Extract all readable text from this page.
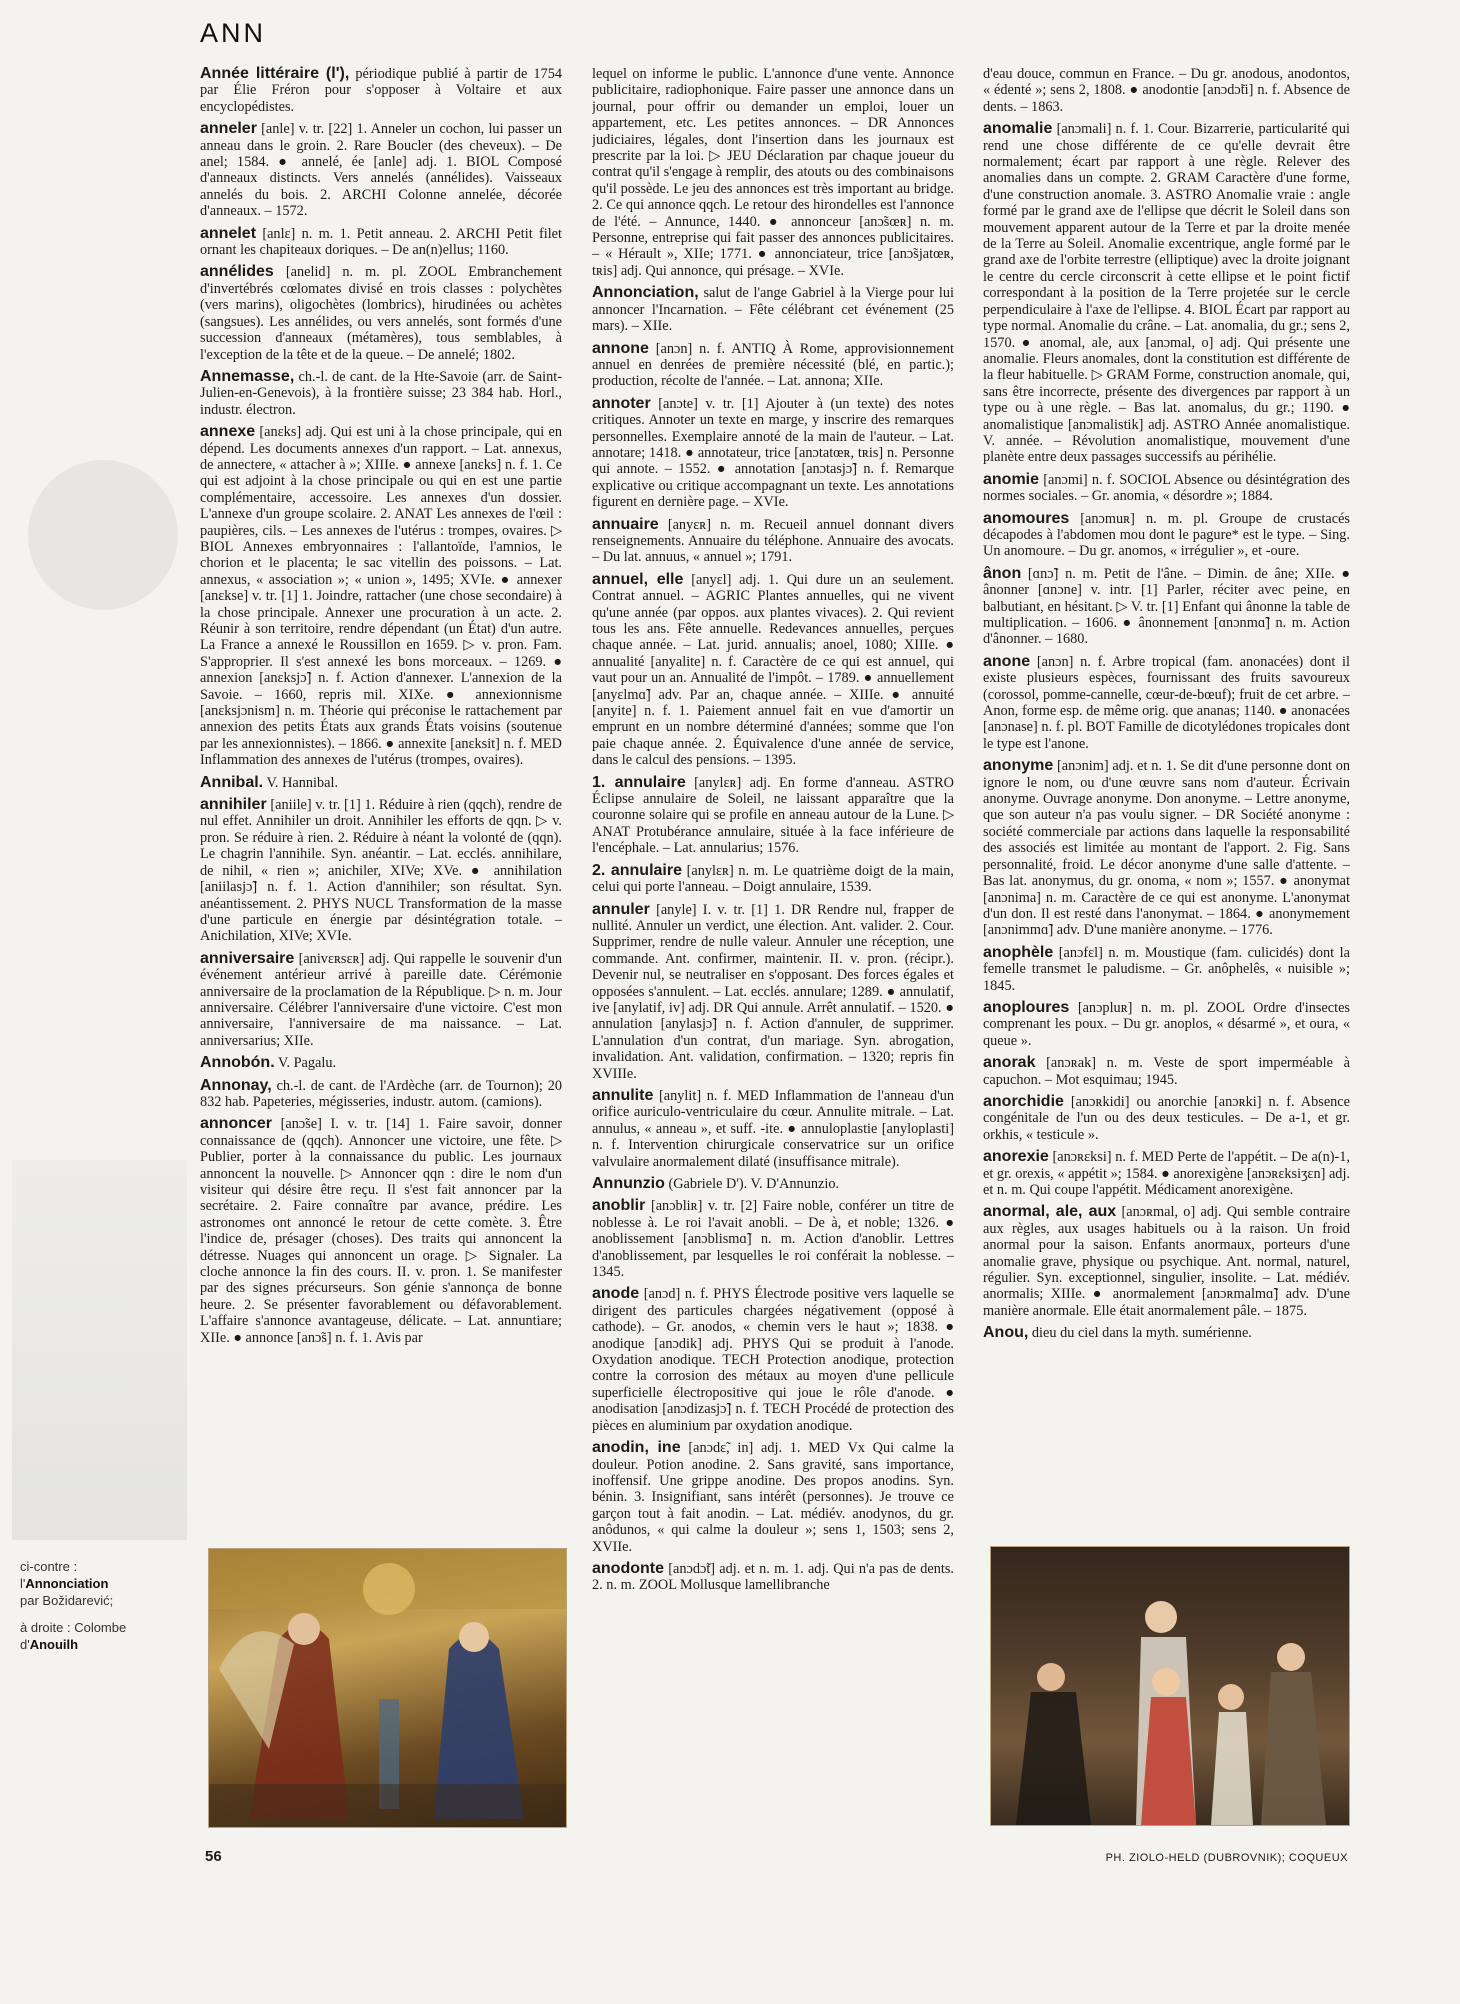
ANN

Année littéraire (l'), périodique publié à partir de 1754 par Élie Fréron pour s'opposer à Voltaire et aux encyclopédistes.

anneler [anle] v. tr. [22] 1. Anneler un cochon, lui passer un anneau dans le groin. 2. Rare Boucler (des cheveux). – De anel; 1584. ● annelé, ée [anle] adj. 1. BIOL Composé d'anneaux distincts. Vers annelés (annélides). Vaisseaux annelés du bois. 2. ARCHI Colonne annelée, décorée d'anneaux. – 1572.

annelet [anlɛ] n. m. 1. Petit anneau. 2. ARCHI Petit filet ornant les chapiteaux doriques. – De an(n)ellus; 1160.

annélides [anelid] n. m. pl. ZOOL Embranchement d'invertébrés cœlomates divisé en trois classes : polychètes (vers marins), oligochètes (lombrics), hirudinées ou achètes (sangsues). Les annélides, ou vers annelés, sont formés d'une succession d'anneaux (métamères), tous semblables, à l'exception de la tête et de la queue. – De annelé; 1802.

Annemasse, ch.-l. de cant. de la Hte-Savoie (arr. de Saint-Julien-en-Genevois), à la frontière suisse; 23 384 hab. Horl., industr. électron.

annexe [anɛks] adj. Qui est uni à la chose principale, qui en dépend. Les documents annexes d'un rapport. – Lat. annexus, de annectere, « attacher à »; XIIIe. ● annexe [anɛks] n. f. 1. Ce qui est adjoint à la chose principale ou qui en est une partie complémentaire, accessoire. Les annexes d'un dossier. L'annexe d'un groupe scolaire. 2. ANAT Les annexes de l'œil : paupières, cils. – Les annexes de l'utérus : trompes, ovaires. ▷ BIOL Annexes embryonnaires : l'allantoïde, l'amnios, le chorion et le placenta; le sac vitellin des poissons. – Lat. annexus, « association »; « union », 1495; XVIe. ● annexer [anɛkse] v. tr. [1] 1. Joindre, rattacher (une chose secondaire) à la chose principale. Annexer une procuration à un acte. 2. Réunir à son territoire, rendre dépendant (un État) d'un autre. La France a annexé le Roussillon en 1659. ▷ v. pron. Fam. S'approprier. Il s'est annexé les bons morceaux. – 1269. ● annexion [anɛksjɔ̃] n. f. Action d'annexer. L'annexion de la Savoie. – 1660, repris mil. XIXe. ● annexionnisme [anɛksjɔnism] n. m. Théorie qui préconise le rattachement par annexion des petits États aux grands États voisins (soutenue par les annexionnistes). – 1866. ● annexite [anɛksit] n. f. MED Inflammation des annexes de l'utérus (trompes, ovaires).

Annibal. V. Hannibal.

annihiler [aniile] v. tr. [1] 1. Réduire à rien (qqch), rendre de nul effet. Annihiler un droit. Annihiler les efforts de qqn. ▷ v. pron. Se réduire à rien. 2. Réduire à néant la volonté de (qqn). Le chagrin l'annihile. Syn. anéantir. – Lat. ecclés. annihilare, de nihil, « rien »; anichiler, XIVe; XVe. ● annihilation [aniilasjɔ̃] n. f. 1. Action d'annihiler; son résultat. Syn. anéantissement. 2. PHYS NUCL Transformation de la masse d'une particule en énergie par désintégration totale. – Anichilation, XIVe; XVIe.

anniversaire [anivɛʀsɛʀ] adj. Qui rappelle le souvenir d'un événement antérieur arrivé à pareille date. Cérémonie anniversaire de la proclamation de la République. ▷ n. m. Jour anniversaire. Célébrer l'anniversaire d'une victoire. C'est mon anniversaire, l'anniversaire de ma naissance. – Lat. anniversarius; XIIe.

Annobón. V. Pagalu.

Annonay, ch.-l. de cant. de l'Ardèche (arr. de Tournon); 20 832 hab. Papeteries, mégisseries, industr. autom. (camions).

annoncer [anɔ̃se] I. v. tr. [14] 1. Faire savoir, donner connaissance de (qqch). Annoncer une victoire, une fête. ▷ Publier, porter à la connaissance du public. Les journaux annoncent la nouvelle. ▷ Annoncer qqn : dire le nom d'un visiteur qui désire être reçu. Il s'est fait annoncer par la secrétaire. 2. Faire connaître par avance, prédire. Les astronomes ont annoncé le retour de cette comète. 3. Être l'indice de, présager (choses). Des traits qui annoncent la détresse. Nuages qui annoncent un orage. ▷ Signaler. La cloche annonce la fin des cours. II. v. pron. 1. Se manifester par des signes précurseurs. Son génie s'annonça de bonne heure. 2. Se présenter favorablement ou défavorablement. L'affaire s'annonce avantageuse, délicate. – Lat. annuntiare; XIIe. ● annonce [anɔ̃s] n. f. 1. Avis par

lequel on informe le public. L'annonce d'une vente. Annonce publicitaire, radiophonique. Faire passer une annonce dans un journal, pour offrir ou demander un emploi, louer un appartement, etc. Les petites annonces. – DR Annonces judiciaires, légales, dont l'insertion dans les journaux est prescrite par la loi. ▷ JEU Déclaration par chaque joueur du contrat qu'il s'engage à remplir, des atouts ou des combinaisons qu'il possède. Le jeu des annonces est très important au bridge. 2. Ce qui annonce qqch. Le retour des hirondelles est l'annonce de l'été. – Annunce, 1440. ● annonceur [anɔ̃sœʀ] n. m. Personne, entreprise qui fait passer des annonces publicitaires. – « Hérault », XIIe; 1771. ● annonciateur, trice [anɔ̃sjatœʀ, tʀis] adj. Qui annonce, qui présage. – XVIe.

Annonciation, salut de l'ange Gabriel à la Vierge pour lui annoncer l'Incarnation. – Fête célébrant cet événement (25 mars). – XIIe.

annone [anɔn] n. f. ANTIQ À Rome, approvisionnement annuel en denrées de première nécessité (blé, en partic.); production, récolte de l'année. – Lat. annona; XIIe.

annoter [anɔte] v. tr. [1] Ajouter à (un texte) des notes critiques. Annoter un texte en marge, y inscrire des remarques personnelles. Exemplaire annoté de la main de l'auteur. – Lat. annotare; 1418. ● annotateur, trice [anɔtatœʀ, tʀis] n. Personne qui annote. – 1552. ● annotation [anɔtasjɔ̃] n. f. Remarque explicative ou critique accompagnant un texte. Les annotations figurent en dernière page. – XVIe.

annuaire [anyɛʀ] n. m. Recueil annuel donnant divers renseignements. Annuaire du téléphone. Annuaire des avocats. – Du lat. annuus, « annuel »; 1791.

annuel, elle [anyɛl] adj. 1. Qui dure un an seulement. Contrat annuel. – AGRIC Plantes annuelles, qui ne vivent qu'une année (par oppos. aux plantes vivaces). 2. Qui revient tous les ans. Fête annuelle. Redevances annuelles, perçues chaque année. – Lat. jurid. annualis; anoel, 1080; XIIIe. ● annualité [anyalite] n. f. Caractère de ce qui est annuel, qui vaut pour un an. Annualité de l'impôt. – 1789. ● annuellement [anyɛlmɑ̃] adv. Par an, chaque année. – XIIIe. ● annuité [anyite] n. f. 1. Paiement annuel fait en vue d'amortir un emprunt en un nombre déterminé d'années; somme que l'on paie chaque année. 2. Équivalence d'une année de service, dans le calcul des pensions. – 1395.

1. annulaire [anylɛʀ] adj. En forme d'anneau. ASTRO Éclipse annulaire de Soleil, ne laissant apparaître que la couronne solaire qui se profile en anneau autour de la Lune. ▷ ANAT Protubérance annulaire, située à la face inférieure de l'encéphale. – Lat. annularius; 1576.

2. annulaire [anylɛʀ] n. m. Le quatrième doigt de la main, celui qui porte l'anneau. – Doigt annulaire, 1539.

annuler [anyle] I. v. tr. [1] 1. DR Rendre nul, frapper de nullité. Annuler un verdict, une élection. Ant. valider. 2. Cour. Supprimer, rendre de nulle valeur. Annuler une réception, une commande. Ant. confirmer, maintenir. II. v. pron. (récipr.). Devenir nul, se neutraliser en s'opposant. Des forces égales et opposées s'annulent. – Lat. ecclés. annulare; 1289. ● annulatif, ive [anylatif, iv] adj. DR Qui annule. Arrêt annulatif. – 1520. ● annulation [anylasjɔ̃] n. f. Action d'annuler, de supprimer. L'annulation d'un contrat, d'un mariage. Syn. abrogation, invalidation. Ant. validation, confirmation. – 1320; repris fin XVIIIe.

annulite [anylit] n. f. MED Inflammation de l'anneau d'un orifice auriculo-ventriculaire du cœur. Annulite mitrale. – Lat. annulus, « anneau », et suff. -ite. ● annuloplastie [anyloplasti] n. f. Intervention chirurgicale conservatrice sur un orifice valvulaire anormalement dilaté (insuffisance mitrale).

Annunzio (Gabriele D'). V. D'Annunzio.

anoblir [anɔbliʀ] v. tr. [2] Faire noble, conférer un titre de noblesse à. Le roi l'avait anobli. – De à, et noble; 1326. ● anoblissement [anɔblismɑ̃] n. m. Action d'anoblir. Lettres d'anoblissement, par lesquelles le roi conférait la noblesse. – 1345.

anode [anɔd] n. f. PHYS Électrode positive vers laquelle se dirigent des particules chargées négativement (opposé à cathode). – Gr. anodos, « chemin vers le haut »; 1838. ● anodique [anɔdik] adj. PHYS Qui se produit à l'anode. Oxydation anodique. TECH Protection anodique, protection contre la corrosion des métaux au moyen d'une pellicule superficielle électropositive qui joue le rôle d'anode. ● anodisation [anɔdizasjɔ̃] n. f. TECH Procédé de protection des pièces en aluminium par oxydation anodique.

anodin, ine [anɔdɛ̃, in] adj. 1. MED Vx Qui calme la douleur. Potion anodine. 2. Sans gravité, sans importance, inoffensif. Une grippe anodine. Des propos anodins. Syn. bénin. 3. Insignifiant, sans intérêt (personnes). Je trouve ce garçon tout à fait anodin. – Lat. médiév. anodynos, du gr. anôdunos, « qui calme la douleur »; sens 1, 1503; sens 2, XVIIe.

anodonte [anɔdɔ̃t] adj. et n. m. 1. adj. Qui n'a pas de dents. 2. n. m. ZOOL Mollusque lamellibranche

d'eau douce, commun en France. – Du gr. anodous, anodontos, « édenté »; sens 2, 1808. ● anodontie [anɔdɔ̃ti] n. f. Absence de dents. – 1863.

anomalie [anɔmali] n. f. 1. Cour. Bizarrerie, particularité qui rend une chose différente de ce qu'elle devrait être normalement; écart par rapport à une règle. Relever des anomalies dans un compte. 2. GRAM Caractère d'une forme, d'une construction anomale. 3. ASTRO Anomalie vraie : angle formé par le grand axe de l'ellipse que décrit le Soleil dans son mouvement apparent autour de la Terre et par la droite menée de la Terre au Soleil. Anomalie excentrique, angle formé par le grand axe de l'orbite terrestre (elliptique) avec la droite joignant le centre du cercle circonscrit à cette ellipse et le point fictif correspondant à la position de la Terre projetée sur le cercle perpendiculaire à l'axe de l'ellipse. 4. BIOL Écart par rapport au type normal. Anomalie du crâne. – Lat. anomalia, du gr.; sens 2, 1570. ● anomal, ale, aux [anɔmal, o] adj. Qui présente une anomalie. Fleurs anomales, dont la constitution est différente de la fleur habituelle. ▷ GRAM Forme, construction anomale, qui, sans être incorrecte, présente des divergences par rapport à un type ou à une règle. – Bas lat. anomalus, du gr.; 1190. ● anomalistique [anɔmalistik] adj. ASTRO Année anomalistique. V. année. – Révolution anomalistique, mouvement d'une planète entre deux passages successifs au périhélie.

anomie [anɔmi] n. f. SOCIOL Absence ou désintégration des normes sociales. – Gr. anomia, « désordre »; 1884.

anomoures [anɔmuʀ] n. m. pl. Groupe de crustacés décapodes à l'abdomen mou dont le pagure* est le type. – Sing. Un anomoure. – Du gr. anomos, « irrégulier », et -oure.

ânon [ɑnɔ̃] n. m. Petit de l'âne. – Dimin. de âne; XIIe. ● ânonner [ɑnɔne] v. intr. [1] Parler, réciter avec peine, en balbutiant, en hésitant. ▷ V. tr. [1] Enfant qui ânonne la table de multiplication. – 1606. ● ânonnement [ɑnɔnmɑ̃] n. m. Action d'ânonner. – 1680.

anone [anɔn] n. f. Arbre tropical (fam. anonacées) dont il existe plusieurs espèces, fournissant des fruits savoureux (corossol, pomme-cannelle, cœur-de-bœuf); fruit de cet arbre. – Anon, forme esp. de même orig. que ananas; 1140. ● anonacées [anɔnase] n. f. pl. BOT Famille de dicotylédones tropicales dont le type est l'anone.

anonyme [anɔnim] adj. et n. 1. Se dit d'une personne dont on ignore le nom, ou d'une œuvre sans nom d'auteur. Écrivain anonyme. Ouvrage anonyme. Don anonyme. – Lettre anonyme, que son auteur n'a pas voulu signer. – DR Société anonyme : société commerciale par actions dans laquelle la responsabilité des associés est limitée au montant de l'apport. 2. Fig. Sans personnalité, froid. Le décor anonyme d'une salle d'attente. – Bas lat. anonymus, du gr. onoma, « nom »; 1557. ● anonymat [anɔnima] n. m. Caractère de ce qui est anonyme. L'anonymat d'un don. Il est resté dans l'anonymat. – 1864. ● anonymement [anɔnimmɑ̃] adv. D'une manière anonyme. – 1776.

anophèle [anɔfɛl] n. m. Moustique (fam. culicidés) dont la femelle transmet le paludisme. – Gr. anôphelês, « nuisible »; 1845.

anoploures [anɔpluʀ] n. m. pl. ZOOL Ordre d'insectes comprenant les poux. – Du gr. anoplos, « désarmé », et oura, « queue ».

anorak [anɔʀak] n. m. Veste de sport imperméable à capuchon. – Mot esquimau; 1945.

anorchidie [anɔʀkidi] ou anorchie [anɔʀki] n. f. Absence congénitale de l'un ou des deux testicules. – De a-1, et gr. orkhis, « testicule ».

anorexie [anɔʀɛksi] n. f. MED Perte de l'appétit. – De a(n)-1, et gr. orexis, « appétit »; 1584. ● anorexigène [anɔʀɛksiʒɛn] adj. et n. m. Qui coupe l'appétit. Médicament anorexigène.

anormal, ale, aux [anɔʀmal, o] adj. Qui semble contraire aux règles, aux usages habituels ou à la raison. Un froid anormal pour la saison. Enfants anormaux, porteurs d'une anomalie grave, physique ou psychique. Ant. normal, naturel, régulier. Syn. exceptionnel, singulier, insolite. – Lat. médiév. anormalis; XIIIe. ● anormalement [anɔʀmalmɑ̃] adv. D'une manière anormale. Elle était anormalement pâle. – 1875.

Anou, dieu du ciel dans la myth. sumérienne.

ci-contre :
l'Annonciation
par Božidarević;

à droite : Colombe
d'Anouilh

56	PH. ZIOLO-HELD (DUBROVNIK); COQUEUX
